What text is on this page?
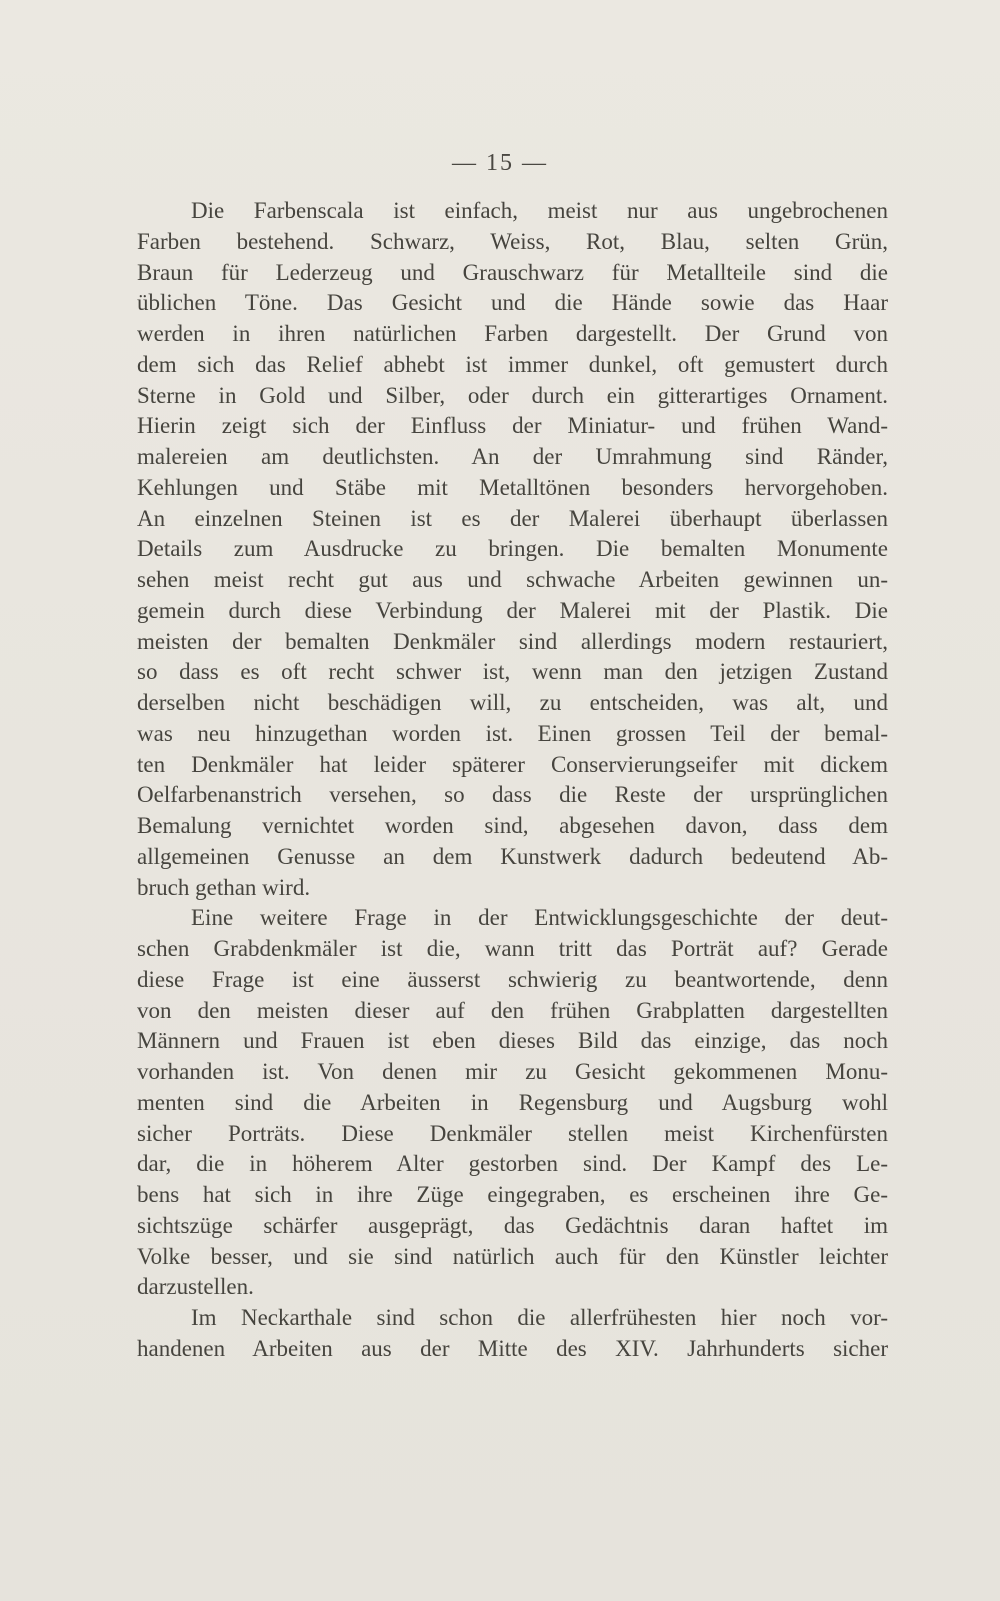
— 15 —
Die Farbenscala ist einfach, meist nur aus ungebrochenen
Farben bestehend. Schwarz, Weiss, Rot, Blau, selten Grün,
Braun für Lederzeug und Grauschwarz für Metallteile sind die
üblichen Töne. Das Gesicht und die Hände sowie das Haar
werden in ihren natürlichen Farben dargestellt. Der Grund von
dem sich das Relief abhebt ist immer dunkel, oft gemustert durch
Sterne in Gold und Silber, oder durch ein gitterartiges Ornament.
Hierin zeigt sich der Einfluss der Miniatur- und frühen Wand-
malereien am deutlichsten. An der Umrahmung sind Ränder,
Kehlungen und Stäbe mit Metalltönen besonders hervorgehoben.
An einzelnen Steinen ist es der Malerei überhaupt überlassen
Details zum Ausdrucke zu bringen. Die bemalten Monumente
sehen meist recht gut aus und schwache Arbeiten gewinnen un-
gemein durch diese Verbindung der Malerei mit der Plastik. Die
meisten der bemalten Denkmäler sind allerdings modern restauriert,
so dass es oft recht schwer ist, wenn man den jetzigen Zustand
derselben nicht beschädigen will, zu entscheiden, was alt, und
was neu hinzugethan worden ist. Einen grossen Teil der bemal-
ten Denkmäler hat leider späterer Conservierungseifer mit dickem
Oelfarbenanstrich versehen, so dass die Reste der ursprünglichen
Bemalung vernichtet worden sind, abgesehen davon, dass dem
allgemeinen Genusse an dem Kunstwerk dadurch bedeutend Ab-
bruch gethan wird.
Eine weitere Frage in der Entwicklungsgeschichte der deut-
schen Grabdenkmäler ist die, wann tritt das Porträt auf? Gerade
diese Frage ist eine äusserst schwierig zu beantwortende, denn
von den meisten dieser auf den frühen Grabplatten dargestellten
Männern und Frauen ist eben dieses Bild das einzige, das noch
vorhanden ist. Von denen mir zu Gesicht gekommenen Monu-
menten sind die Arbeiten in Regensburg und Augsburg wohl
sicher Porträts. Diese Denkmäler stellen meist Kirchenfürsten
dar, die in höherem Alter gestorben sind. Der Kampf des Le-
bens hat sich in ihre Züge eingegraben, es erscheinen ihre Ge-
sichtszüge schärfer ausgeprägt, das Gedächtnis daran haftet im
Volke besser, und sie sind natürlich auch für den Künstler leichter
darzustellen.
Im Neckarthale sind schon die allerfrühesten hier noch vor-
handenen Arbeiten aus der Mitte des XIV. Jahrhunderts sicher
